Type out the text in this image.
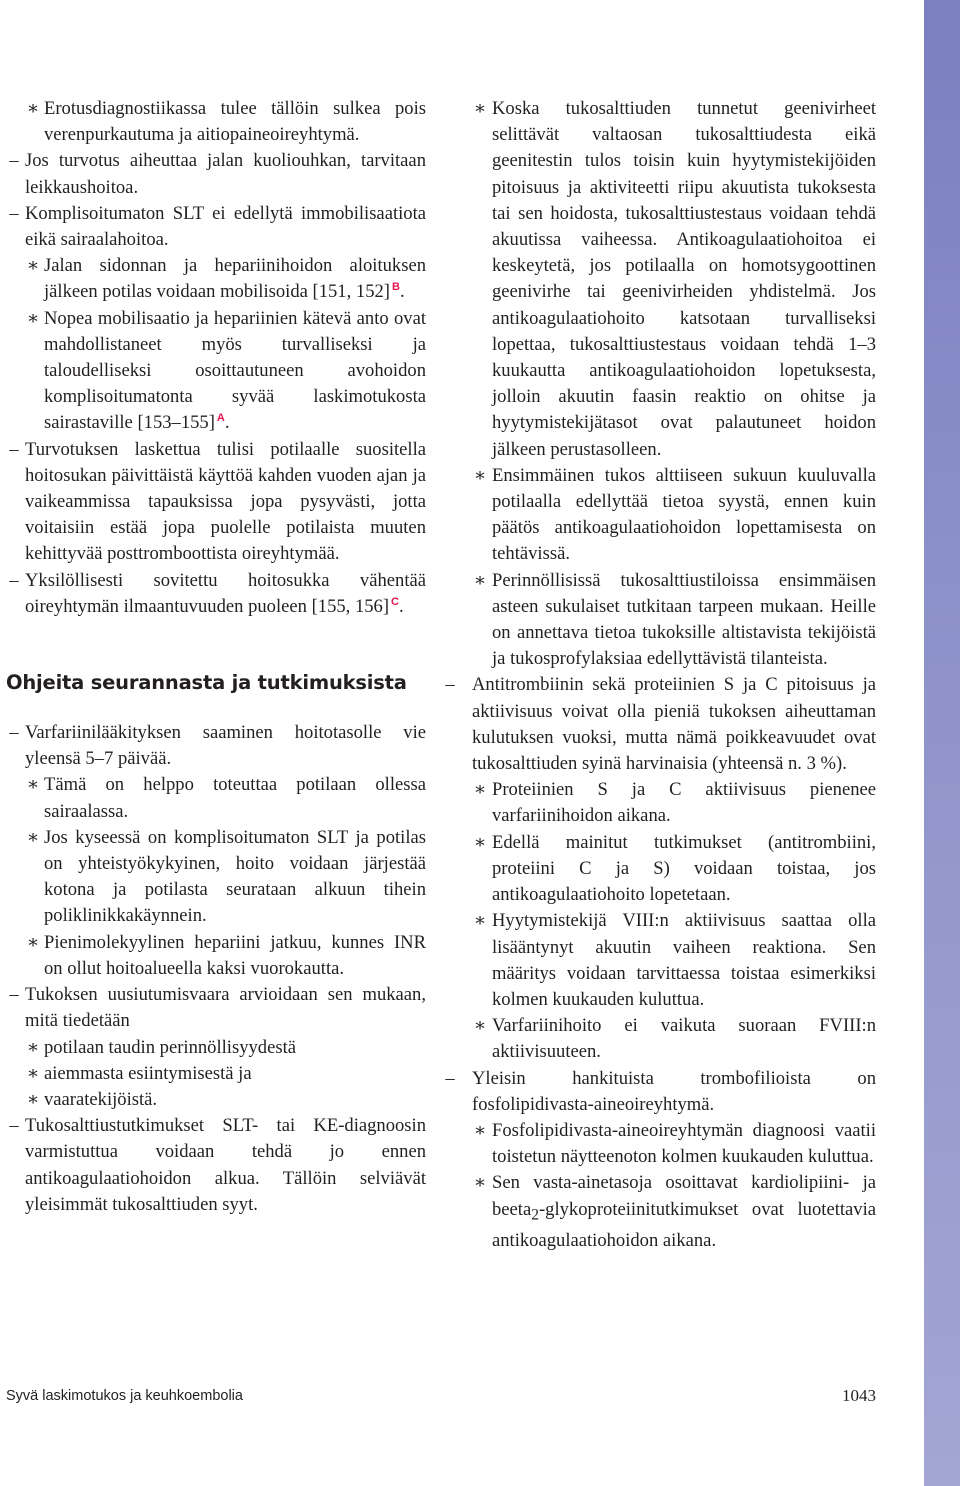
∗ Erotusdiagnostiikassa tulee tällöin sulkea pois verenpurkautuma ja aitiopaineoireyhtymä.
– Jos turvotus aiheuttaa jalan kuoliouhkan, tarvitaan leikkaushoitoa.
– Komplisoitumaton SLT ei edellytä immobilisaatiota eikä sairaalahoitoa.
∗ Jalan sidonnan ja hepariinihoidon aloituksen jälkeen potilas voidaan mobilisoida [151, 152] $^B$.
∗ Nopea mobilisaatio ja hepariinien kätevä anto ovat mahdollistaneet myös turvalliseksi ja taloudelliseksi osoittautuneen avohoidon komplisoitumatonta syvää laskimotukosta sairastaville [153–155] $^A$.
– Turvotuksen laskettua tulisi potilaalle suositella hoitosukan päivittäistä käyttöä kahden vuoden ajan ja vaikeammissa tapauksissa jopa pysyvästi, jotta voitaisiin estää jopa puolelle potilaista muuten kehittyvää posttromboottista oireyhtymää.
– Yksilöllisesti sovitettu hoitosukka vähentää oireyhtymän ilmaantuvuuden puoleen [155, 156] $^C$.
Ohjeita seurannasta ja tutkimuksista
– Varfariinilääkityksen saaminen hoitotasolle vie yleensä 5–7 päivää.
∗ Tämä on helppo toteuttaa potilaan ollessa sairaalassa.
∗ Jos kyseessä on komplisoitumaton SLT ja potilas on yhteistyökykyinen, hoito voidaan järjestää kotona ja potilasta seurataan alkuun tihein poliklinikkakäynnein.
∗ Pienimolekyylinen hepariini jatkuu, kunnes INR on ollut hoitoalueella kaksi vuorokautta.
– Tukoksen uusiutumisvaara arvioidaan sen mukaan, mitä tiedetään
∗ potilaan taudin perinnöllisyydestä
∗ aiemmasta esiintymisestä ja
∗ vaaratekijöistä.
– Tukosalttiustutkimukset SLT- tai KE-diagnoosin varmistuttua voidaan tehdä jo ennen antikoagulaatiohoidon alkua. Tällöin selviävät yleisimmät tukosalttiuden syyt.
∗ Koska tukosalttiuden tunnetut geenivirheet selittävät valtaosan tukosalttiudesta eikä geenitestin tulos toisin kuin hyytymistekijöiden pitoisuus ja aktiviteetti riipu akuutista tukoksesta tai sen hoidosta, tukosalttiustestaus voidaan tehdä akuutissa vaiheessa. Antikoagulaatiohoitoa ei keskeytetä, jos potilaalla on homotsygoottinen geenivirhe tai geenivirheiden yhdistelmä. Jos antikoagulaatiohoito katsotaan turvalliseksi lopettaa, tukosalttiustestaus voidaan tehdä 1–3 kuukautta antikoagulaatiohoidon lopetuksesta, jolloin akuutin faasin reaktio on ohitse ja hyytymistekijätasot ovat palautuneet hoidon jälkeen perustasolleen.
∗ Ensimmäinen tukos alttiiseen sukuun kuuluvalla potilaalla edellyttää tietoa syystä, ennen kuin päätös antikoagulaatiohoidon lopettamisesta on tehtävissä.
∗ Perinnöllisissä tukosalttiustiloissa ensimmäisen asteen sukulaiset tutkitaan tarpeen mukaan. Heille on annettava tietoa tukoksille altistavista tekijöistä ja tukosprofylaksiaa edellyttävistä tilanteista.
– Antitrombiinin sekä proteiinien S ja C pitoisuus ja aktiivisuus voivat olla pieniä tukoksen aiheuttaman kulutuksen vuoksi, mutta nämä poikkeavuudet ovat tukosalttiuden syinä harvinaisia (yhteensä n. 3 %).
∗ Proteiinien S ja C aktiivisuus pienenee varfariinihoidon aikana.
∗ Edellä mainitut tutkimukset (antitrombiini, proteiini C ja S) voidaan toistaa, jos antikoagulaatiohoito lopetetaan.
∗ Hyytymistekijä VIII:n aktiivisuus saattaa olla lisääntynyt akuutin vaiheen reaktiona. Sen määritys voidaan tarvittaessa toistaa esimerkiksi kolmen kuukauden kuluttua.
∗ Varfariinihoito ei vaikuta suoraan FVIII:n aktiivisuuteen.
– Yleisin hankituista trombofilioista on fosfolipidivasta-aineoireyhtymä.
∗ Fosfolipidivasta-aineoireyhtymän diagnoosi vaatii toistetun näytteenoton kolmen kuukauden kuluttua.
∗ Sen vasta-ainetasoja osoittavat kardiolipiini- ja beeta$_2$-glykoproteiinitutkimukset ovat luotettavia antikoagulaatiohoidon aikana.
Syvä laskimotukos ja keuhkoembolia	1043
